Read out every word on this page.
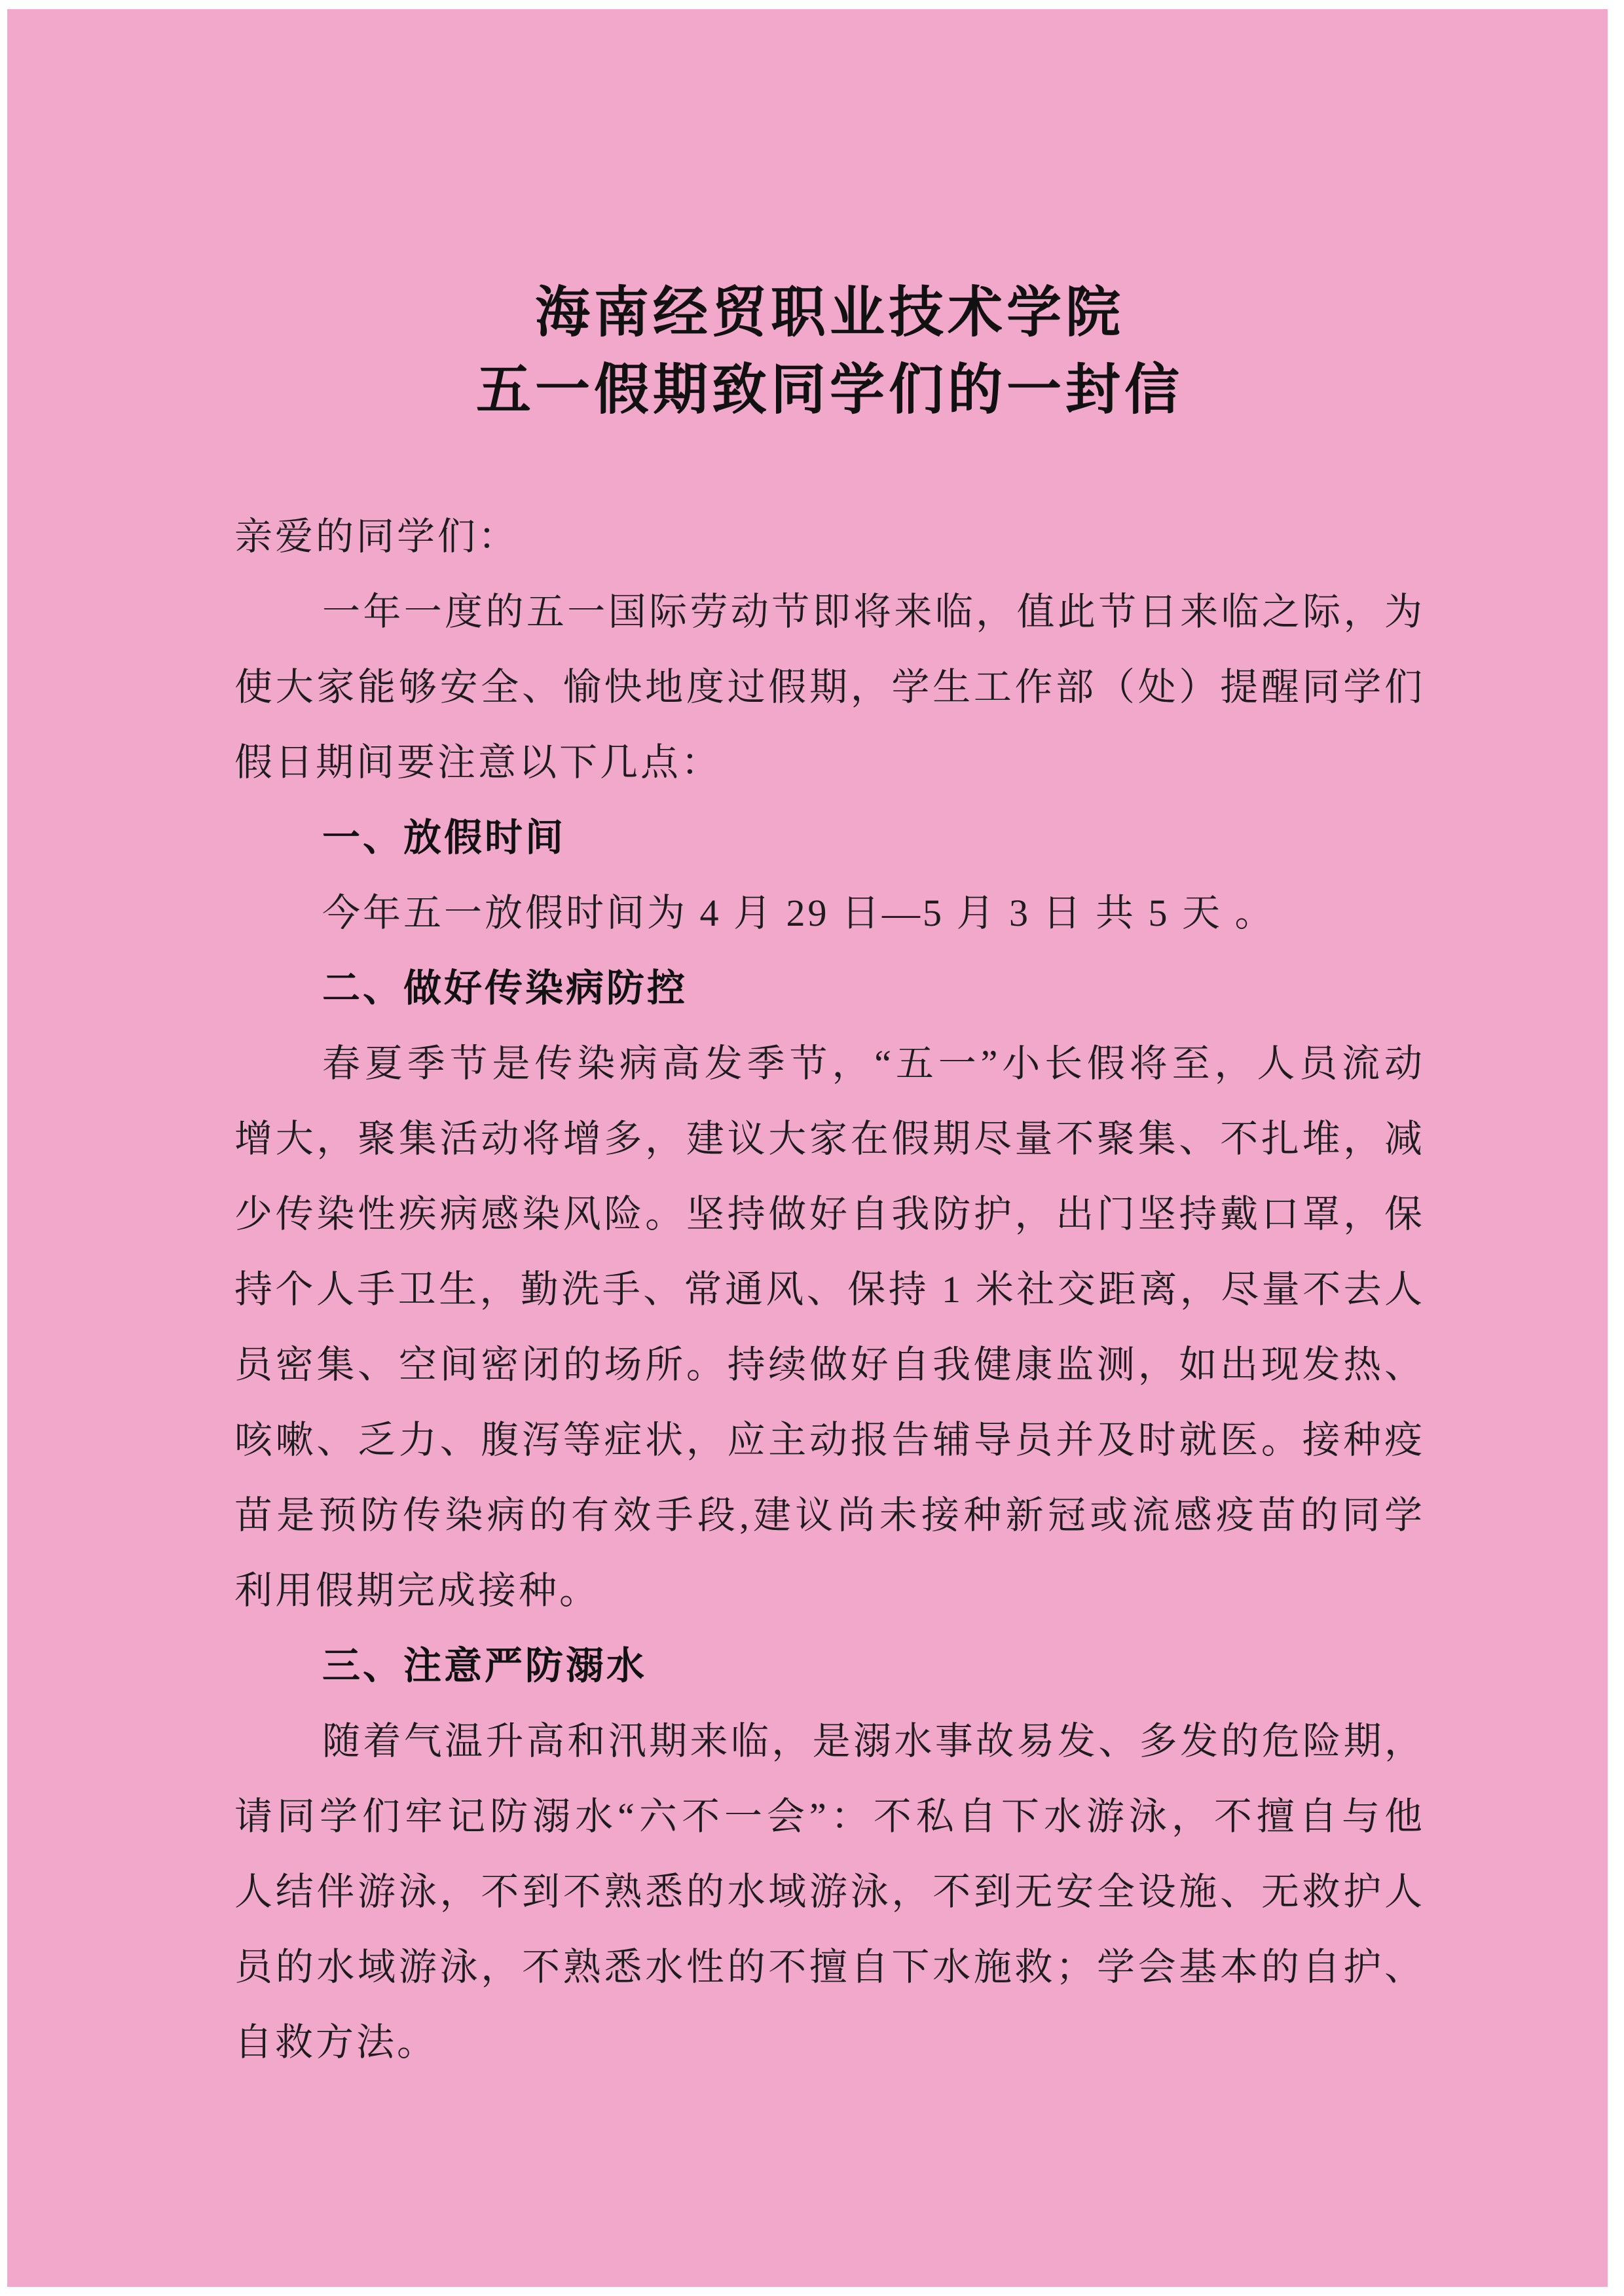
海南经贸职业技术学院
五一假期致同学们的一封信
亲爱的同学们：
一年一度的五一国际劳动节即将来临，值此节日来临之际，为
使大家能够安全、愉快地度过假期，学生工作部（处）提醒同学们
假日期间要注意以下几点：
一、放假时间
今年五一放假时间为 4 月 29 日—5 月 3 日 共 5 天 。
二、做好传染病防控
春夏季节是传染病高发季节，“五一”小长假将至，人员流动
增大，聚集活动将增多，建议大家在假期尽量不聚集、不扎堆，减
少传染性疾病感染风险。坚持做好自我防护，出门坚持戴口罩，保
持个人手卫生，勤洗手、常通风、保持 1 米社交距离，尽量不去人
员密集、空间密闭的场所。持续做好自我健康监测，如出现发热、
咳嗽、乏力、腹泻等症状，应主动报告辅导员并及时就医。接种疫
苗是预防传染病的有效手段,建议尚未接种新冠或流感疫苗的同学
利用假期完成接种。
三、注意严防溺水
随着气温升高和汛期来临，是溺水事故易发、多发的危险期，
请同学们牢记防溺水“六不一会”：不私自下水游泳，不擅自与他
人结伴游泳，不到不熟悉的水域游泳，不到无安全设施、无救护人
员的水域游泳，不熟悉水性的不擅自下水施救；学会基本的自护、
自救方法。
